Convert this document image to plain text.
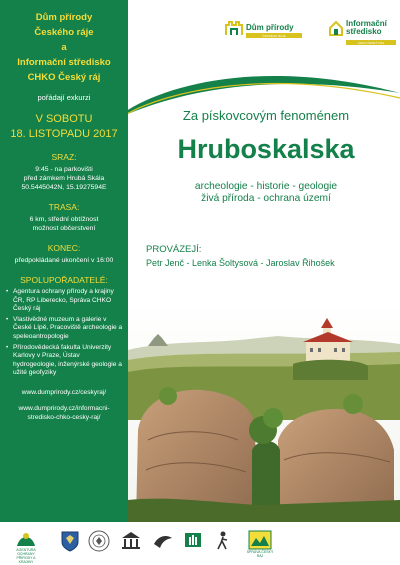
Dům přírody
Českého ráje
a
Informační středisko
CHKO Český ráj
pořádají exkurzi
V SOBOTU
18. LISTOPADU 2017
SRAZ:
9:45 - na parkovišti
před zámkem Hrubá Skála
50.5445042N, 15.1927594E
TRASA:
6 km, střední obtížnost
možnost občerstvení
KONEC:
předpokládané ukončení v 16:00
SPOLUPOŘADATELÉ:
• Agentura ochrany přírody a krajiny ČR, RP Liberecko, Správa CHKO Český ráj
• Vlastivědné muzeum a galerie v České Lípě, Pracoviště archeologie a speleoantropologie
• Přírodovědecká fakulta Univerzity Karlovy v Praze, Ústav hydrogeologie, inženýrské geologie a užité geofyziky
www.dumprirody.cz/ceskyraj/
www.dumprirody.cz/informacni-
stredisko-chko-cesky-raj/
Dům přírody
ČESKÉHO RÁJE
Informační
středisko
CHKO ČESKÝ RÁJ
Za pískovcovým fenoménem
Hruboskalska
archeologie - historie - geologie
živá příroda - ochrana území
PROVÁZEJÍ:
Petr Jenč - Lenka Šoltysová - Jaroslav Řihošek
AGENTURA OCHRANY PŘÍRODY A KRAJINY
SPRÁVA ČESKÝ RÁJ
